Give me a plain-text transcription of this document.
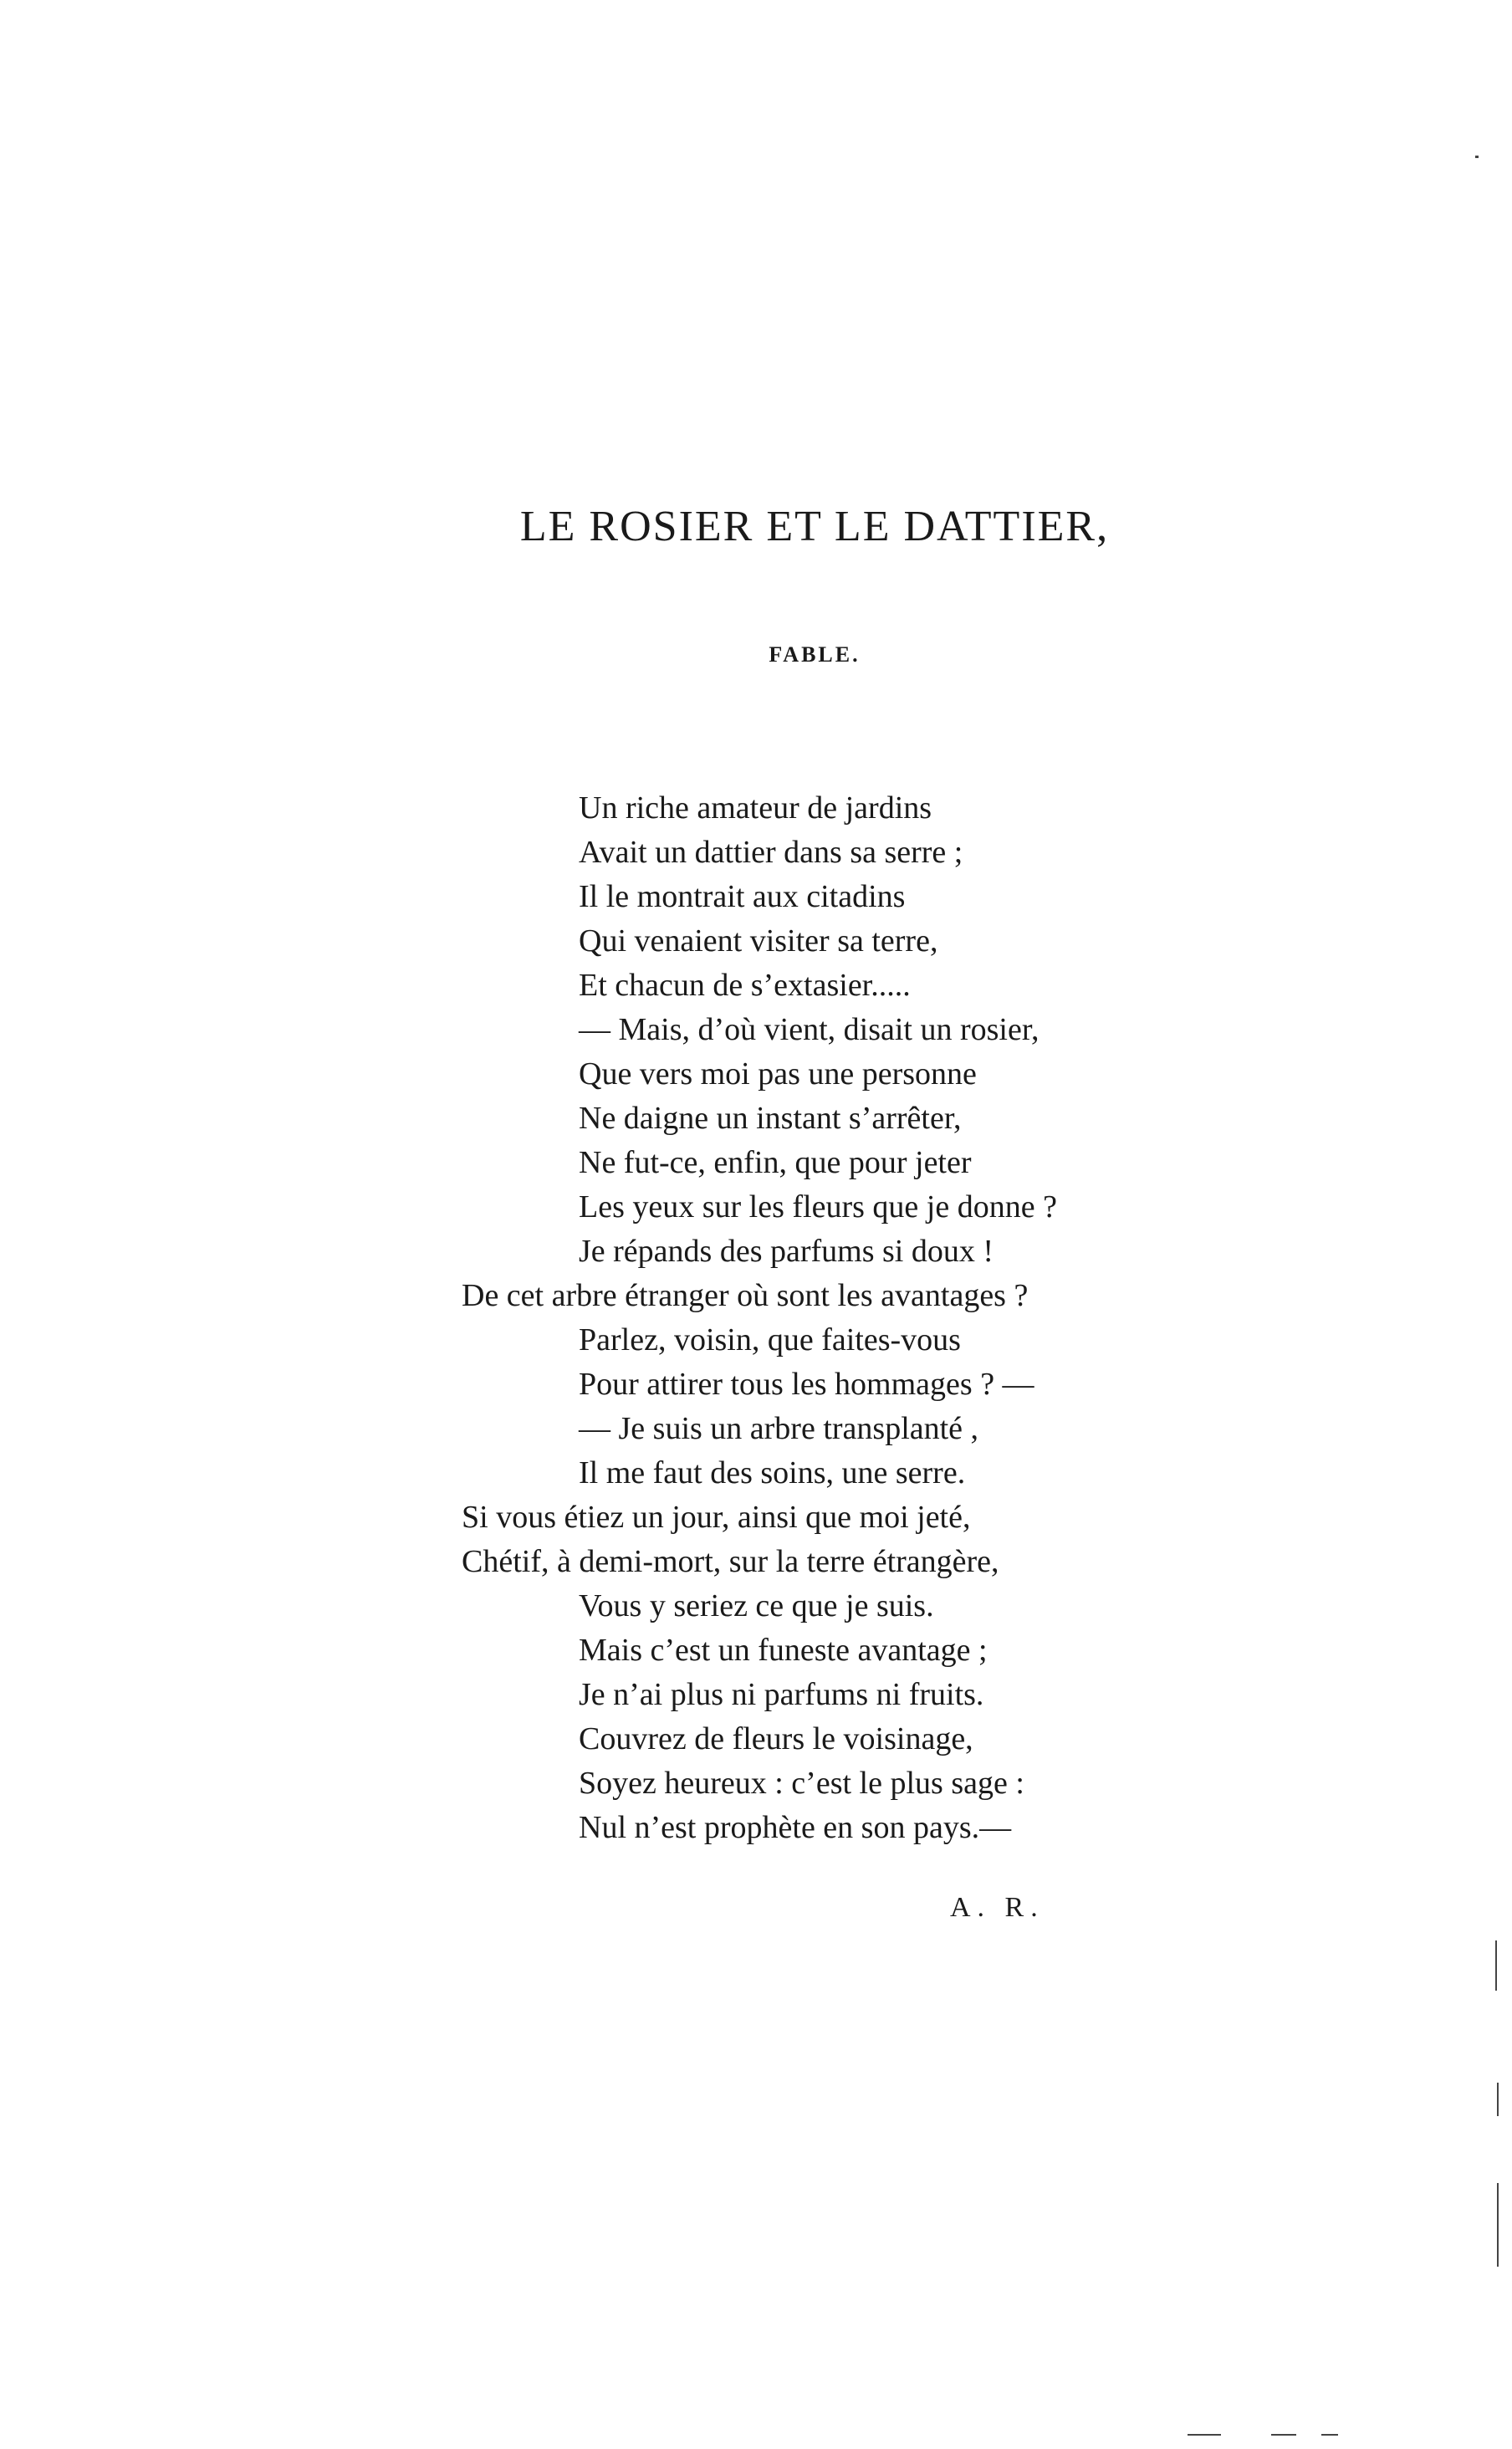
LE ROSIER ET LE DATTIER,
FABLE.
Un riche amateur de jardins
Avait un dattier dans sa serre ;
Il le montrait aux citadins
Qui venaient visiter sa terre,
Et chacun de s’extasier.....
— Mais, d’où vient, disait un rosier,
Que vers moi pas une personne
Ne daigne un instant s’arrêter,
Ne fut-ce, enfin, que pour jeter
Les yeux sur les fleurs que je donne ?
Je répands des parfums si doux !
De cet arbre étranger où sont les avantages ?
Parlez, voisin, que faites-vous
Pour attirer tous les hommages ? —
— Je suis un arbre transplanté ,
Il me faut des soins, une serre.
Si vous étiez un jour, ainsi que moi jeté,
Chétif, à demi-mort, sur la terre étrangère,
Vous y seriez ce que je suis.
Mais c’est un funeste avantage ;
Je n’ai plus ni parfums ni fruits.
Couvrez de fleurs le voisinage,
Soyez heureux : c’est le plus sage :
Nul n’est prophète en son pays.—
A. R.
